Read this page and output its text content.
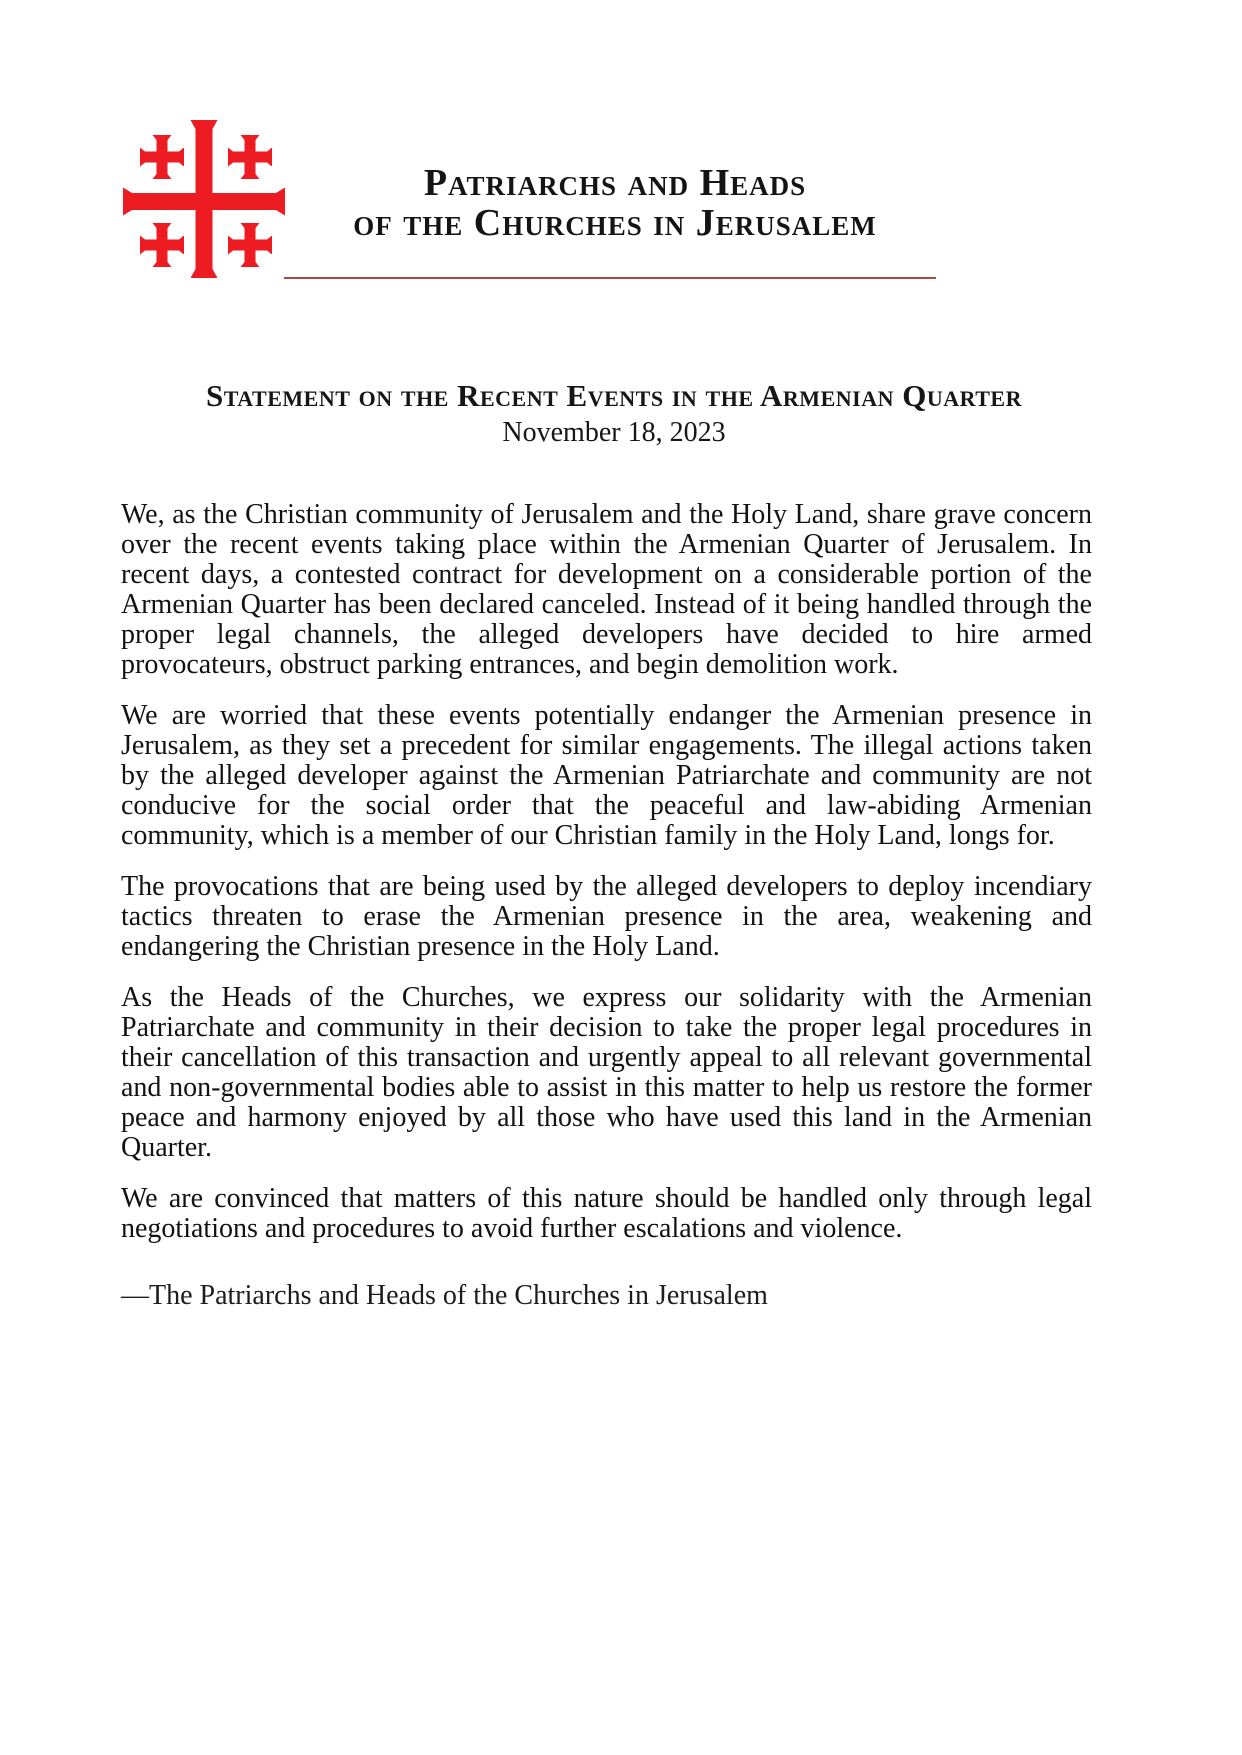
Patriarchs and Heads
of the Churches in Jerusalem
Statement on the Recent Events in the Armenian Quarter
November 18, 2023

We, as the Christian community of Jerusalem and the Holy Land, share grave concern over the recent events taking place within the Armenian Quarter of Jerusalem. In recent days, a contested contract for development on a considerable portion of the Armenian Quarter has been declared canceled. Instead of it being handled through the proper legal channels, the alleged developers have decided to hire armed provocateurs, obstruct parking entrances, and begin demolition work.

We are worried that these events potentially endanger the Armenian presence in Jerusalem, as they set a precedent for similar engagements. The illegal actions taken by the alleged developer against the Armenian Patriarchate and community are not conducive for the social order that the peaceful and law-abiding Armenian community, which is a member of our Christian family in the Holy Land, longs for.

The provocations that are being used by the alleged developers to deploy incendiary tactics threaten to erase the Armenian presence in the area, weakening and endangering the Christian presence in the Holy Land.

As the Heads of the Churches, we express our solidarity with the Armenian Patriarchate and community in their decision to take the proper legal procedures in their cancellation of this transaction and urgently appeal to all relevant governmental and non-governmental bodies able to assist in this matter to help us restore the former peace and harmony enjoyed by all those who have used this land in the Armenian Quarter.

We are convinced that matters of this nature should be handled only through legal negotiations and procedures to avoid further escalations and violence.

—The Patriarchs and Heads of the Churches in Jerusalem
